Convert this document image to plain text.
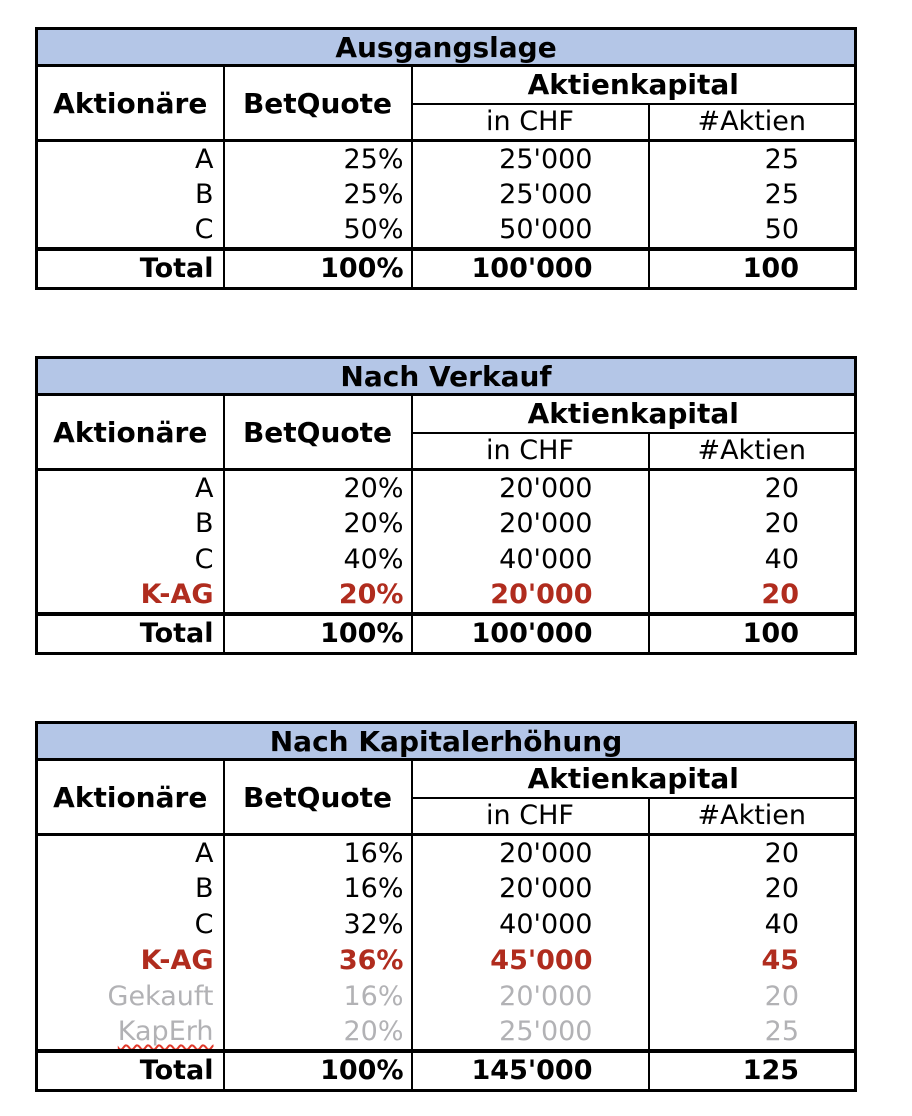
Ausgangslage			
Aktionäre	BetQuote	Aktienkapital	
		in CHF	#Aktien
A	25%	25'000	25
B	25%	25'000	25
C	50%	50'000	50
Total	100%	100'000	100
Nach Verkauf			
Aktionäre	BetQuote	Aktienkapital	
		in CHF	#Aktien
A	20%	20'000	20
B	20%	20'000	20
C	40%	40'000	40
K-AG	20%	20'000	20
Total	100%	100'000	100
Nach Kapitalerhöhung			
Aktionäre	BetQuote	Aktienkapital	
		in CHF	#Aktien
A	16%	20'000	20
B	16%	20'000	20
C	32%	40'000	40
K-AG	36%	45'000	45
Gekauft	16%	20'000	20
KapErh	20%	25'000	25
Total	100%	145'000	125
